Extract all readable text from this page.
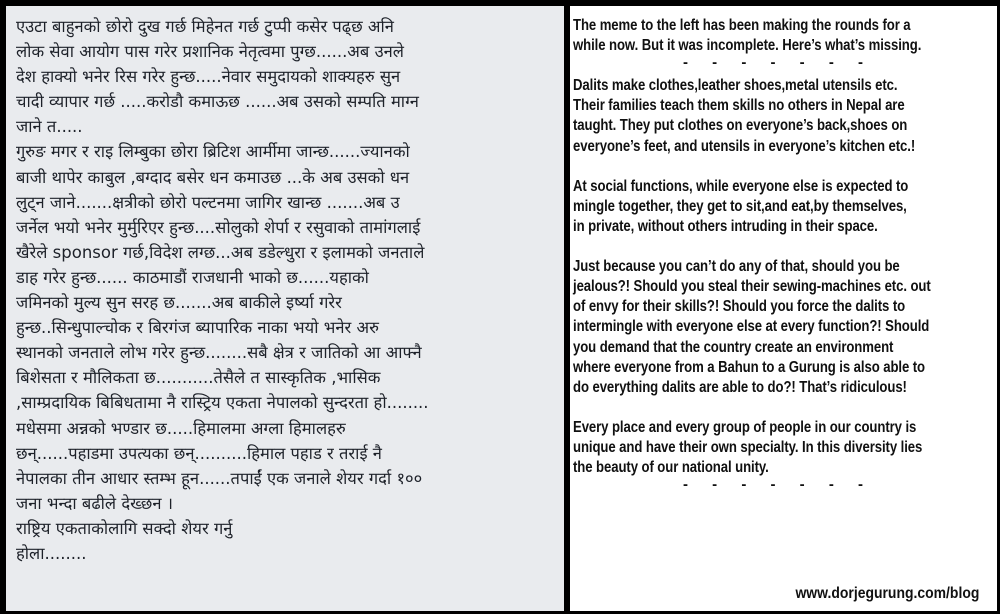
एउटा बाहुनको छोरो दुख गर्छ मिहेनत गर्छ टुप्पी कसेर पढ्छ अनि

लोक सेवा आयोग पास गरेर प्रशानिक नेतृत्वमा पुग्छ......अब उनले

देश हाक्यो भनेर रिस गरेर हुन्छ.....नेवार समुदायको शाक्यहरु सुन

चादी व्यापार गर्छ .....करोडौ कमाऊछ ......अब उसको सम्पति माग्न

जाने त.....

गुरुङ मगर र राइ लिम्बुका छोरा ब्रिटिश आर्मीमा जान्छ......ज्यानको

बाजी थापेर काबुल ,बग्दाद बसेर धन कमाउछ ...के अब उसको धन

लुट्न जाने.......क्षत्रीको छोरो पल्टनमा जागिर खान्छ .......अब उ

जर्नेल भयो भनेर मुर्मुरिएर हुन्छ....सोलुको शेर्पा र रसुवाको तामांगलाई

खैरेले sponsor गर्छ,विदेश लग्छ...अब डडेल्धुरा र इलामको जनताले

डाह गरेर हुन्छ...... काठमाडौं राजधानी भाको छ......यहाको

जमिनको मुल्य सुन सरह छ.......अब बाकीले इर्ष्या गरेर

हुन्छ..सिन्धुपाल्चोक र बिरगंज ब्यापारिक नाका भयो भनेर अरु

स्थानको जनताले लोभ गरेर हुन्छ........सबै क्षेत्र र जातिको आ आफ्नै

बिशेसता र मौलिकता छ...........तेसैले त सास्कृतिक ,भासिक

,साम्प्रदायिक बिबिधतामा नै रास्ट्रिय एकता नेपालको सुन्दरता हो........

मधेसमा अन्नको भण्डार छ.....हिमालमा अग्ला हिमालहरु

छन्......पहाडमा उपत्यका छन्..........हिमाल पहाड र तराई नै

नेपालका तीन आधार स्तम्भ हून......तपाईं एक जनाले शेयर गर्दा १००

जना भन्दा बढीले देख्छन ।

राष्ट्रिय एकताकोलागि सक्दो शेयर गर्नु

होला........

The meme to the left has been making the rounds for a

while now. But it was incomplete. Here’s what’s missing.

- - - - - - -

Dalits make clothes,leather shoes,metal utensils etc.

Their families teach them skills no others in Nepal are

taught. They put clothes on everyone’s back,shoes on

everyone’s feet, and utensils in everyone’s kitchen etc.!

At social functions, while everyone else is expected to

mingle together, they get to sit,and eat,by themselves,

in private, without others intruding in their space.

Just because you can’t do any of that, should you be

jealous?! Should you steal their sewing-machines etc. out

of envy for their skills?! Should you force the dalits to

intermingle with everyone else at every function?! Should

you demand that the country create an environment

where everyone from a Bahun to a Gurung is also able to

do everything dalits are able to do?! That’s ridiculous!

Every place and every group of people in our country is

unique and have their own specialty. In this diversity lies

the beauty of our national unity.

- - - - - - -

www.dorjegurung.com/blog
